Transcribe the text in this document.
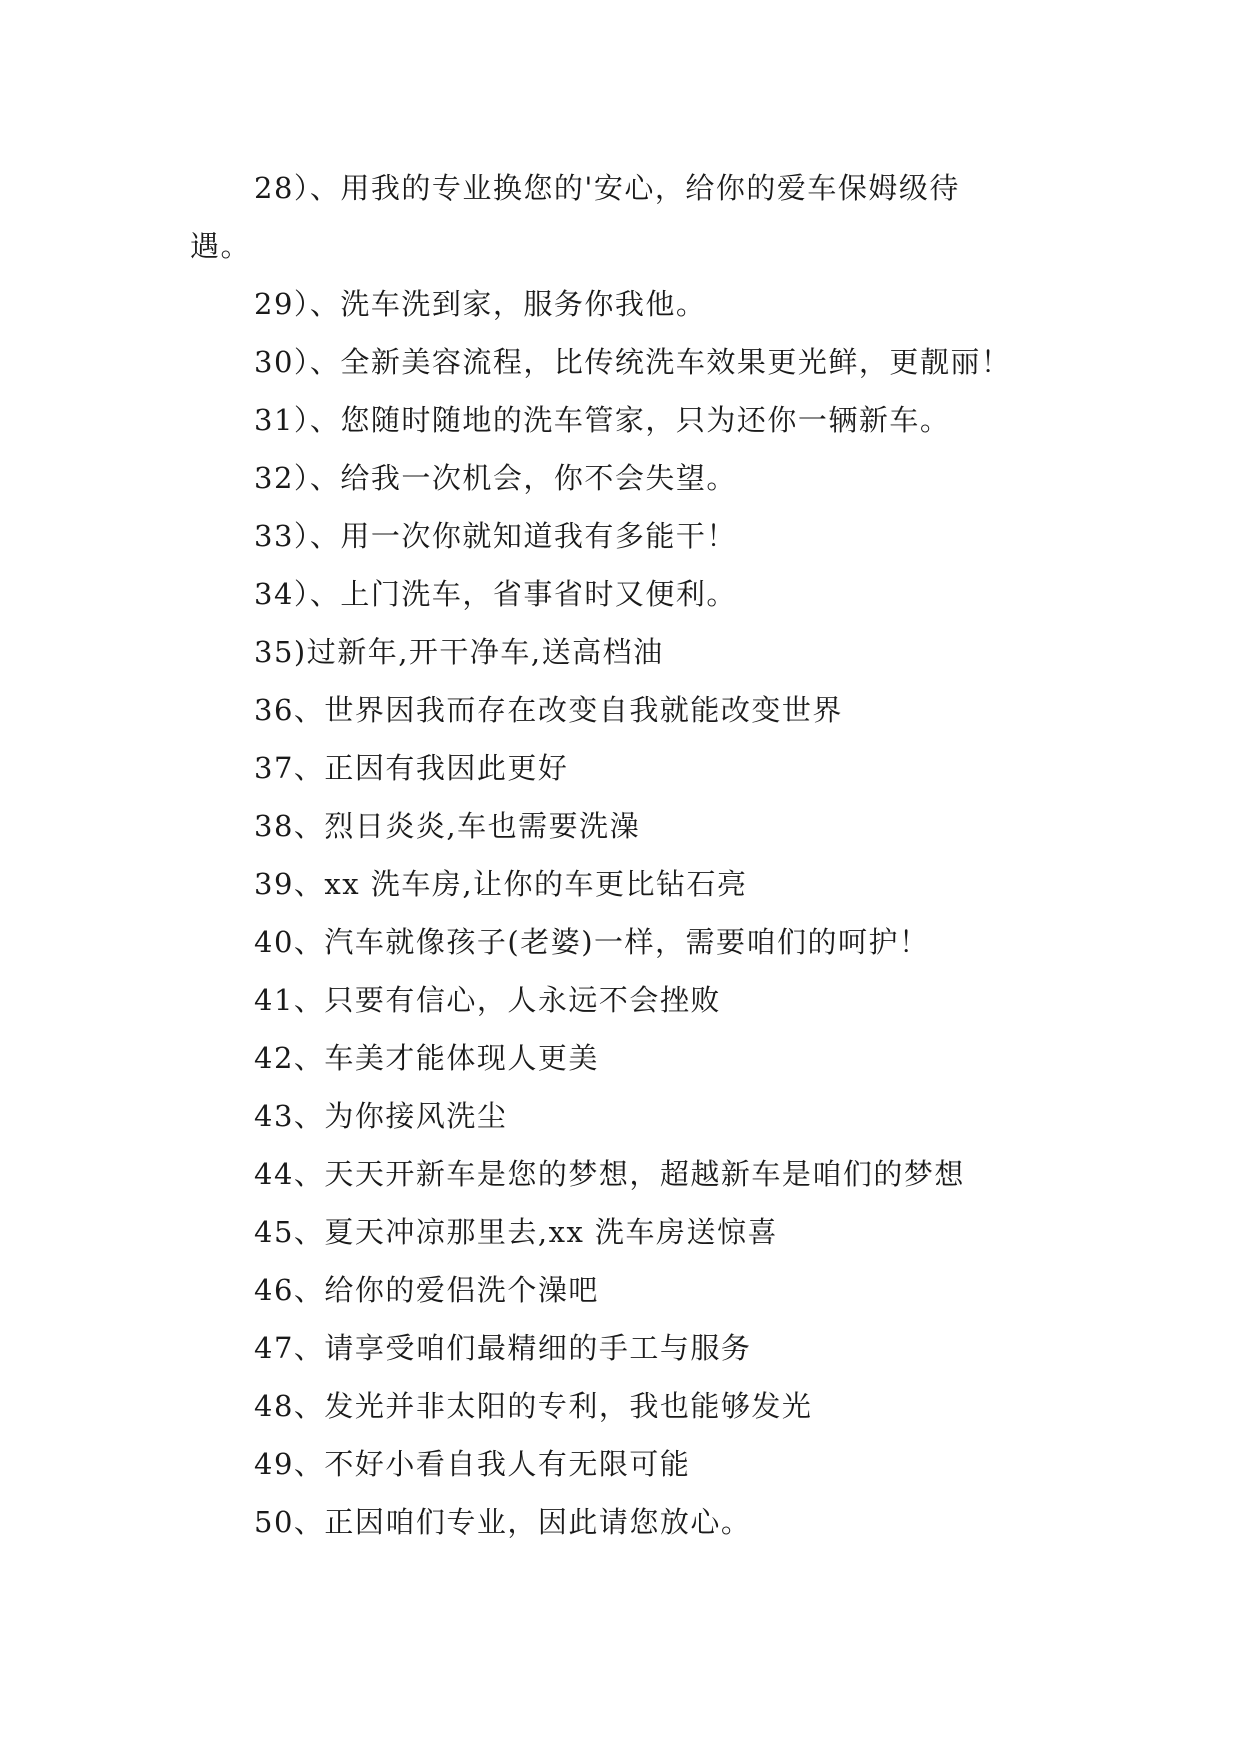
28）、用我的专业换您的'安心，给你的爱车保姆级待
遇。
29）、洗车洗到家，服务你我他。
30）、全新美容流程，比传统洗车效果更光鲜，更靓丽！
31）、您随时随地的洗车管家，只为还你一辆新车。
32）、给我一次机会，你不会失望。
33）、用一次你就知道我有多能干！
34）、上门洗车，省事省时又便利。
35)过新年,开干净车,送高档油
36、世界因我而存在改变自我就能改变世界
37、正因有我因此更好
38、烈日炎炎,车也需要洗澡
39、xx 洗车房,让你的车更比钻石亮
40、汽车就像孩子(老婆)一样，需要咱们的呵护！
41、只要有信心，人永远不会挫败
42、车美才能体现人更美
43、为你接风洗尘
44、天天开新车是您的梦想，超越新车是咱们的梦想
45、夏天冲凉那里去,xx 洗车房送惊喜
46、给你的爱侣洗个澡吧
47、请享受咱们最精细的手工与服务
48、发光并非太阳的专利，我也能够发光
49、不好小看自我人有无限可能
50、正因咱们专业，因此请您放心。
